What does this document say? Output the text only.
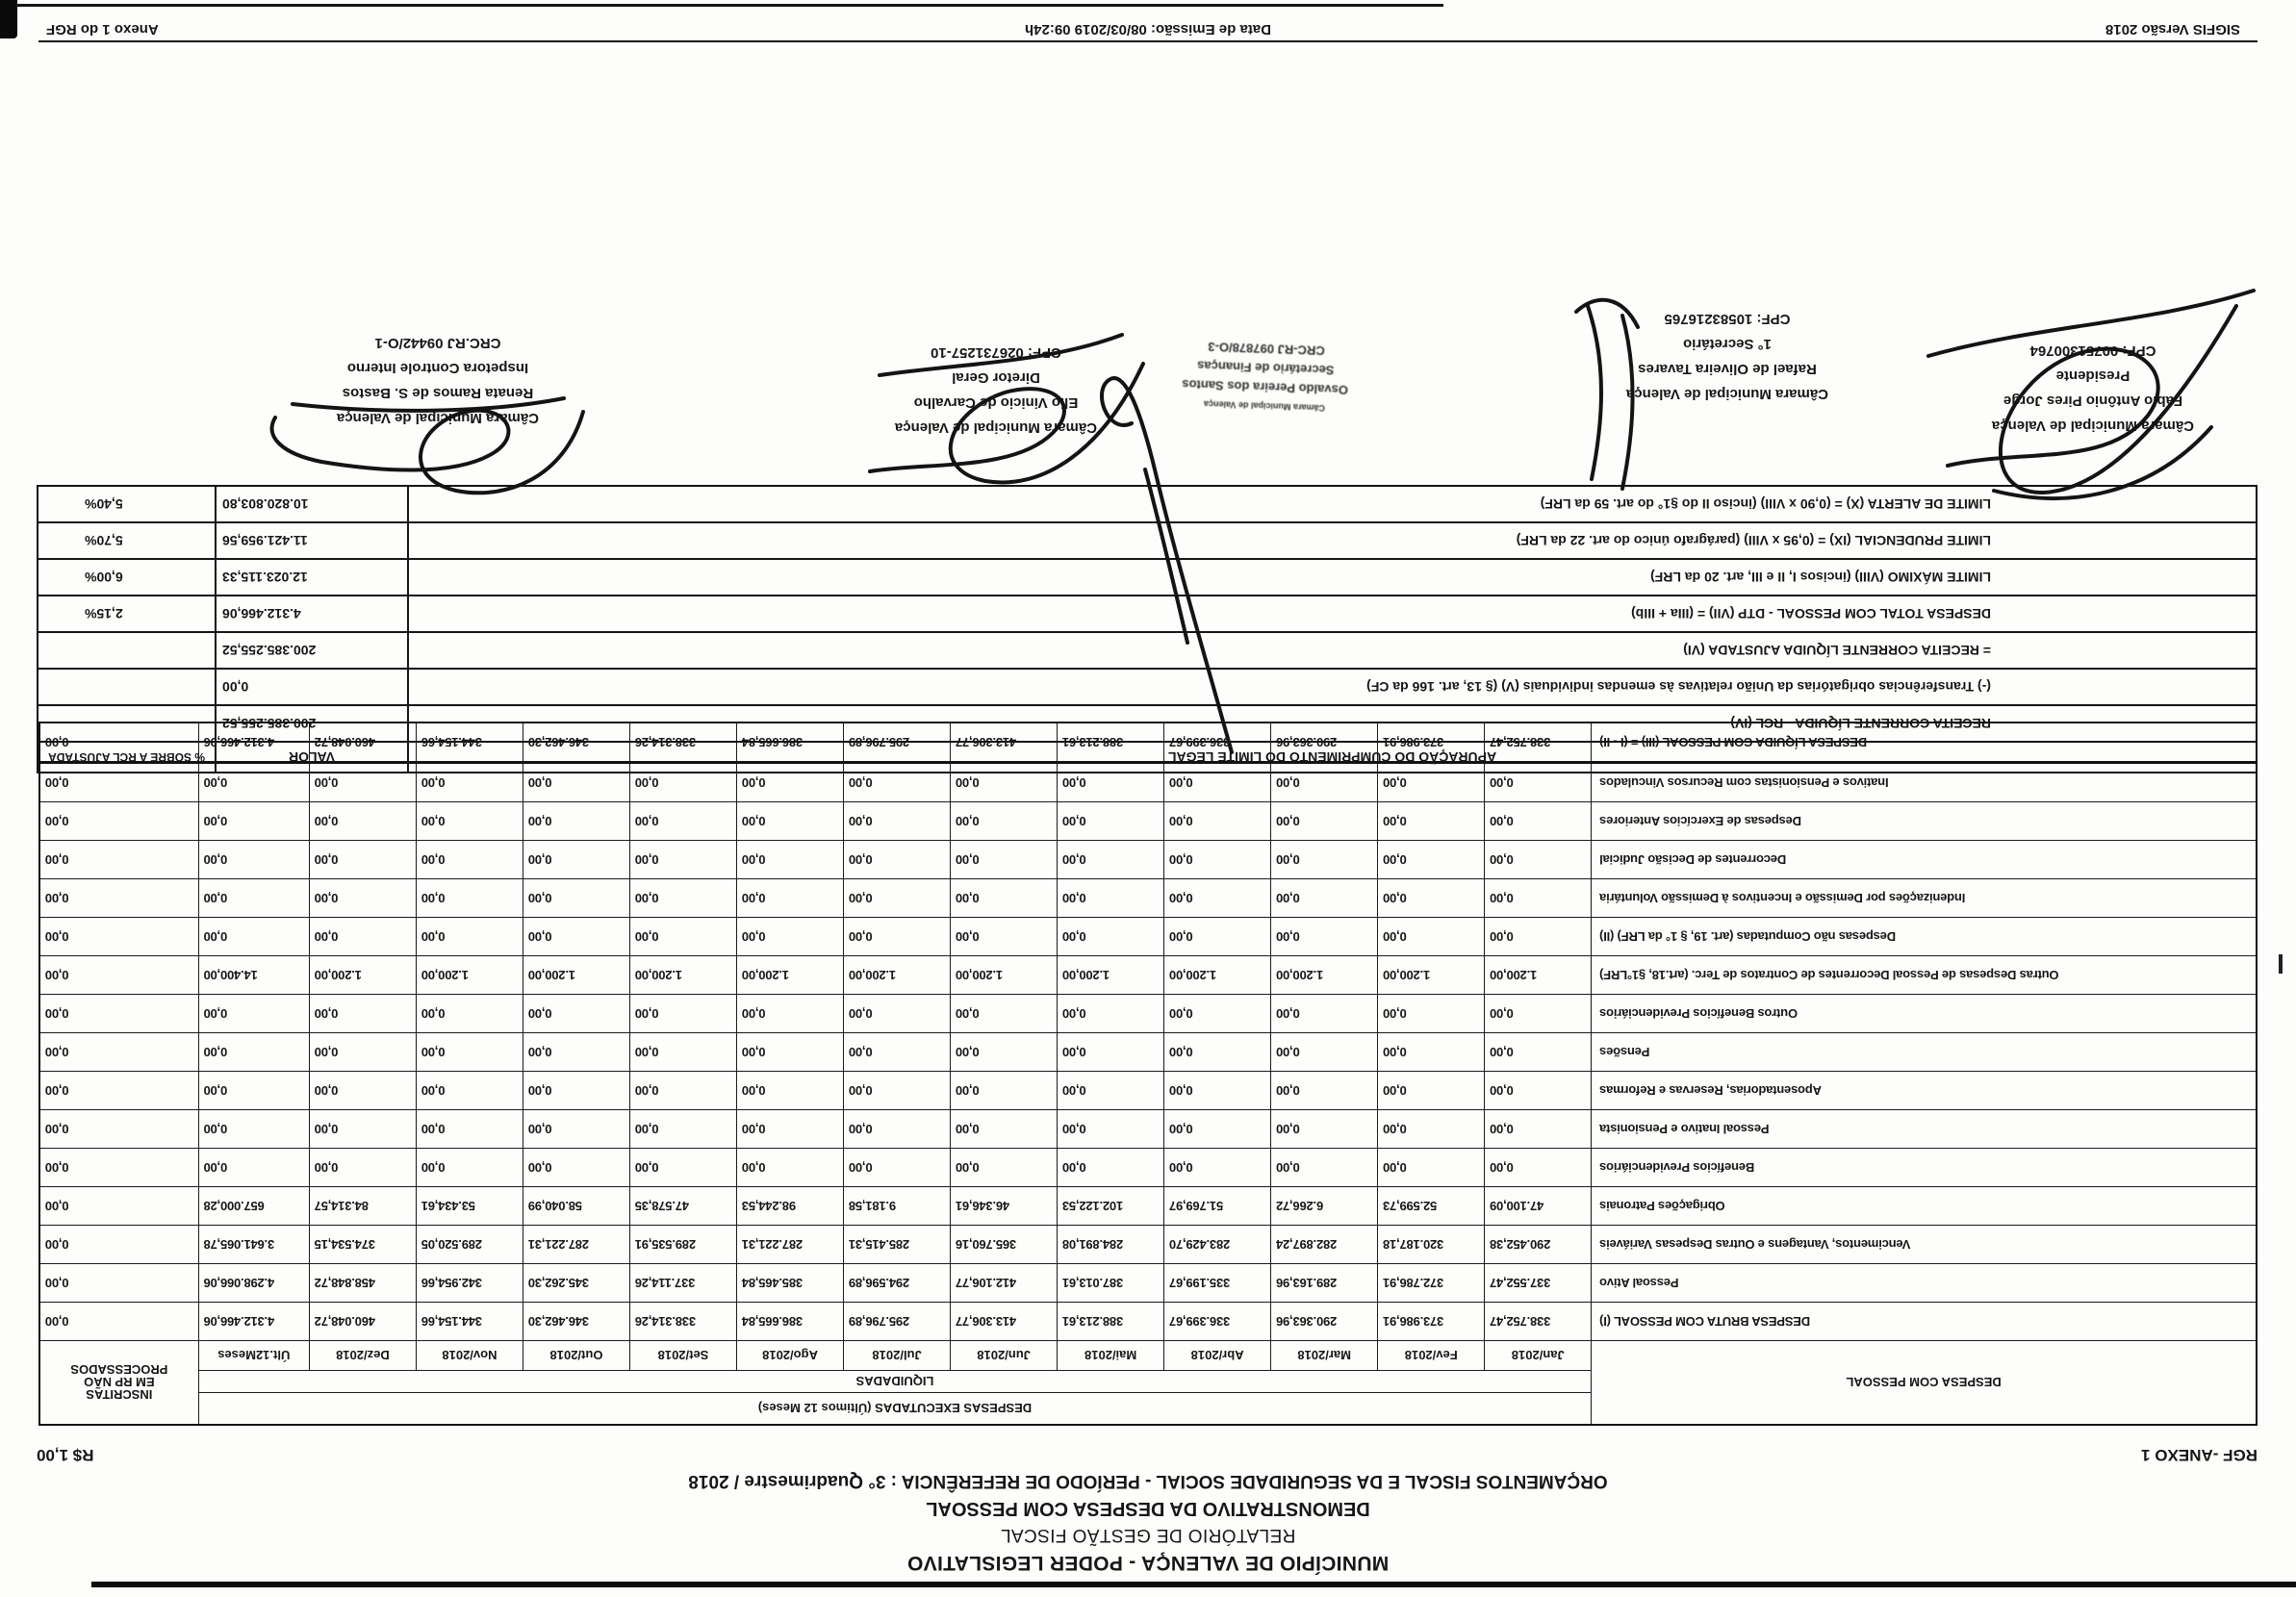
MUNICÍPIO DE VALENÇA - PODER LEGISLATIVO
RELATÓRIO DE GESTÃO FISCAL
DEMONSTRATIVO DA DESPESA COM PESSOAL
ORÇAMENTOS FISCAL E DA SEGURIDADE SOCIAL - PERÍODO DE REFERÊNCIA : 3° Quadrimestre / 2018
RGF -ANEXO 1
R$ 1,00
DESPESA COM PESSOAL	DESPESAS EXECUTADAS (Últimos 12 Meses)													INSCRITAS
EM RP NÃO
PROCESSADOS
	LIQUIDADAS													
	Jan/2018	Fev/2018	Mar/2018	Abr/2018	Mai/2018	Jun/2018	Jul/2018	Ago/2018	Set/2018	Out/2018	Nov/2018	Dez/2018	Últ.12Meses	
DESPESA BRUTA COM PESSOAL (I)	338.752,47	373.986,91	290.363,96	336.399,67	388.213,61	413.306,77	295.796,89	386.665,84	338.314,26	346.462,30	344.154,66	460.048,72	4.312.466,06	0,00
Pessoal Ativo	337.552,47	372.786,91	289.163,96	335.199,67	387.013,61	412.106,77	294.596,89	385.465,84	337.114,26	345.262,30	342.954,66	458.848,72	4.298.066,06	0,00
Vencimentos, Vantagens e Outras Despesas Variáveis	290.452,38	320.187,18	282.897,24	283.429,70	284.891,08	365.760,16	285.415,31	287.221,31	289.535,91	287.221,31	289.520,05	374.534,15	3.641.065,78	0,00
Obrigações Patronais	47.100,09	52.599,73	6.266,72	51.769,97	102.122,53	46.346,61	9.181,58	98.244,53	47.578,35	58.040,99	53.434,61	84.314,57	657.000,28	0,00
Benefícios Previdenciários	0,00	0,00	0,00	0,00	0,00	0,00	0,00	0,00	0,00	0,00	0,00	0,00	0,00	0,00
Pessoal Inativo e Pensionista	0,00	0,00	0,00	0,00	0,00	0,00	0,00	0,00	0,00	0,00	0,00	0,00	0,00	0,00
Aposentadorias, Reservas e Reformas	0,00	0,00	0,00	0,00	0,00	0,00	0,00	0,00	0,00	0,00	0,00	0,00	0,00	0,00
Pensões	0,00	0,00	0,00	0,00	0,00	0,00	0,00	0,00	0,00	0,00	0,00	0,00	0,00	0,00
Outros Benefícios Previdenciários	0,00	0,00	0,00	0,00	0,00	0,00	0,00	0,00	0,00	0,00	0,00	0,00	0,00	0,00
Outras Despesas de Pessoal Decorrentes de Contratos de Terc. (art.18, §1°LRF)	1.200,00	1.200,00	1.200,00	1.200,00	1.200,00	1.200,00	1.200,00	1.200,00	1.200,00	1.200,00	1.200,00	1.200,00	14.400,00	0,00
Despesas não Computadas (art. 19, § 1° da LRF) (II)	0,00	0,00	0,00	0,00	0,00	0,00	0,00	0,00	0,00	0,00	0,00	0,00	0,00	0,00
Indenizações por Demissão e Incentivos à Demissão Voluntária	0,00	0,00	0,00	0,00	0,00	0,00	0,00	0,00	0,00	0,00	0,00	0,00	0,00	0,00
Decorrentes de Decisão Judicial	0,00	0,00	0,00	0,00	0,00	0,00	0,00	0,00	0,00	0,00	0,00	0,00	0,00	0,00
Despesas de Exercícios Anteriores	0,00	0,00	0,00	0,00	0,00	0,00	0,00	0,00	0,00	0,00	0,00	0,00	0,00	0,00
Inativos e Pensionistas com Recursos Vinculados	0,00	0,00	0,00	0,00	0,00	0,00	0,00	0,00	0,00	0,00	0,00	0,00	0,00	0,00
DESPESA LÍQUIDA COM PESSOAL (III) = (I - II)	338.752,47	373.986,91	290.363,96	336.399,67	388.213,61	413.306,77	295.796,89	386.665,84	338.314,26	346.462,30	344.154,66	460.048,72	4.312.466,06	0,00
APURAÇÃO DO CUMPRIMENTO DO LIMITE LEGAL	VALOR	% SOBRE A RCL AJUSTADA
RECEITA CORRENTE LÍQUIDA - RCL (IV)	200.385.255,52	
(-) Transferências obrigatórias da União relativas às emendas individuais (V) (§ 13, art. 166 da CF)	0,00	
= RECEITA CORRENTE LÍQUIDA AJUSTADA (VI)	200.385.255,52	
DESPESA TOTAL COM PESSOAL - DTP (VII) = (IIIa + IIIb)	4.312.466,06	2,15%
LIMITE MÁXIMO (VIII) (incisos I, II e III, art. 20 da LRF)	12.023.115,33	6,00%
LIMITE PRUDENCIAL (IX) = (0,95 x VIII) (parágrafo único do art. 22 da LRF)	11.421.959,56	5,70%
LIMITE DE ALERTA (X) = (0,90 x VIII) (inciso II do §1° do art. 59 da LRF)	10.820.803,80	5,40%
Câmara Municipal de Valença
Fábio Antônio Pires Jorge
Presidente
CPF: 00751300764
Câmara Municipal de Valença
Rafael de Oliveira Tavares
1° Secretário
CPF: 10583216765
Câmara Municipal de Valença
Osvaldo Pereira dos Santos
Secretário de Finanças
CRC-RJ 097878/O-3
Câmara Municipal de Valença
Elio Vinicio de Carvalho
Diretor Geral
CPF: 026731257-10
Câmara Municipal de Valença
Renata Ramos de S. Bastos
Inspetora Controle Interno
CRC.RJ 09442/O-1
SIGFIS Versão 2018
Data de Emissão: 08/03/2019 09:24h
Anexo 1 do RGF
